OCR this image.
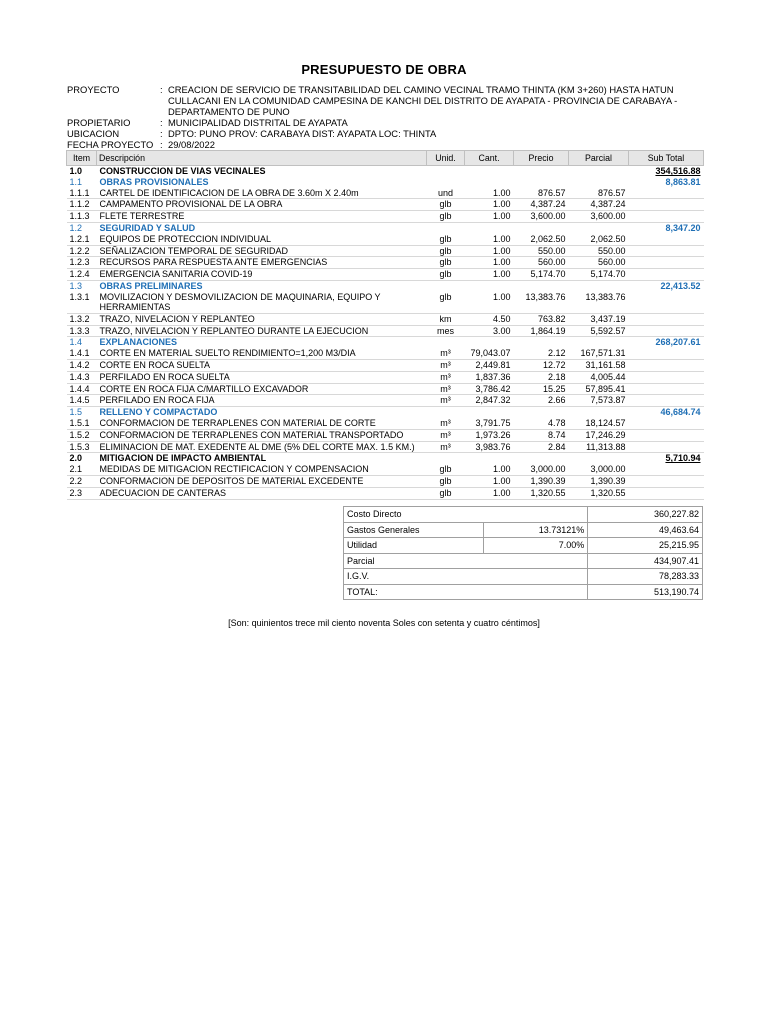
PRESUPUESTO DE OBRA
PROYECTO	: CREACION DE SERVICIO DE TRANSITABILIDAD DEL CAMINO VECINAL TRAMO THINTA (KM 3+260) HASTA HATUN CULLACANI EN LA COMUNIDAD CAMPESINA DE KANCHI DEL DISTRITO DE AYAPATA - PROVINCIA DE CARABAYA - DEPARTAMENTO DE PUNO
PROPIETARIO	: MUNICIPALIDAD DISTRITAL DE AYAPATA
UBICACION	: DPTO: PUNO PROV: CARABAYA DIST: AYAPATA LOC: THINTA
FECHA PROYECTO : 29/08/2022
Item	Descripción	Unid.	Cant.	Precio	Parcial	Sub Total
1.0	CONSTRUCCION DE VIAS VECINALES					354,516.88
1.1	OBRAS PROVISIONALES					8,863.81
1.1.1	CARTEL DE IDENTIFICACION DE LA OBRA DE 3.60m X 2.40m	und	1.00	876.57	876.57	
1.1.2	CAMPAMENTO PROVISIONAL DE LA OBRA	glb	1.00	4,387.24	4,387.24	
1.1.3	FLETE TERRESTRE	glb	1.00	3,600.00	3,600.00	
1.2	SEGURIDAD Y SALUD					8,347.20
1.2.1	EQUIPOS DE PROTECCION INDIVIDUAL	glb	1.00	2,062.50	2,062.50	
1.2.2	SEÑALIZACION TEMPORAL DE SEGURIDAD	glb	1.00	550.00	550.00	
1.2.3	RECURSOS PARA RESPUESTA ANTE EMERGENCIAS	glb	1.00	560.00	560.00	
1.2.4	EMERGENCIA SANITARIA COVID-19	glb	1.00	5,174.70	5,174.70	
1.3	OBRAS PRELIMINARES					22,413.52
1.3.1	MOVILIZACION Y DESMOVILIZACION DE MAQUINARIA, EQUIPO Y HERRAMIENTAS	glb	1.00	13,383.76	13,383.76	
1.3.2	TRAZO, NIVELACION Y REPLANTEO	km	4.50	763.82	3,437.19	
1.3.3	TRAZO, NIVELACION Y REPLANTEO DURANTE LA EJECUCION	mes	3.00	1,864.19	5,592.57	
1.4	EXPLANACIONES					268,207.61
1.4.1	CORTE EN MATERIAL SUELTO RENDIMIENTO=1,200 M3/DIA	m³	79,043.07	2.12	167,571.31	
1.4.2	CORTE EN ROCA SUELTA	m³	2,449.81	12.72	31,161.58	
1.4.3	PERFILADO EN ROCA SUELTA	m³	1,837.36	2.18	4,005.44	
1.4.4	CORTE EN ROCA FIJA C/MARTILLO EXCAVADOR	m³	3,786.42	15.25	57,895.41	
1.4.5	PERFILADO EN ROCA FIJA	m³	2,847.32	2.66	7,573.87	
1.5	RELLENO Y COMPACTADO					46,684.74
1.5.1	CONFORMACION DE TERRAPLENES CON MATERIAL DE CORTE	m³	3,791.75	4.78	18,124.57	
1.5.2	CONFORMACION DE TERRAPLENES CON MATERIAL TRANSPORTADO	m³	1,973.26	8.74	17,246.29	
1.5.3	ELIMINACION DE MAT. EXEDENTE AL DME (5% DEL CORTE MAX. 1.5 KM.)	m³	3,983.76	2.84	11,313.88	
2.0	MITIGACION DE IMPACTO AMBIENTAL					5,710.94
2.1	MEDIDAS DE MITIGACION RECTIFICACION Y COMPENSACION	glb	1.00	3,000.00	3,000.00	
2.2	CONFORMACION DE DEPOSITOS DE MATERIAL EXCEDENTE	glb	1.00	1,390.39	1,390.39	
2.3	ADECUACION DE CANTERAS	glb	1.00	1,320.55	1,320.55	
Costo Directo		360,227.82
Gastos Generales	13.73121%	49,463.64
Utilidad	7.00%	25,215.95
Parcial		434,907.41
I.G.V.		78,283.33
TOTAL:		513,190.74
[Son: quinientos trece mil ciento noventa Soles con setenta y cuatro céntimos]
